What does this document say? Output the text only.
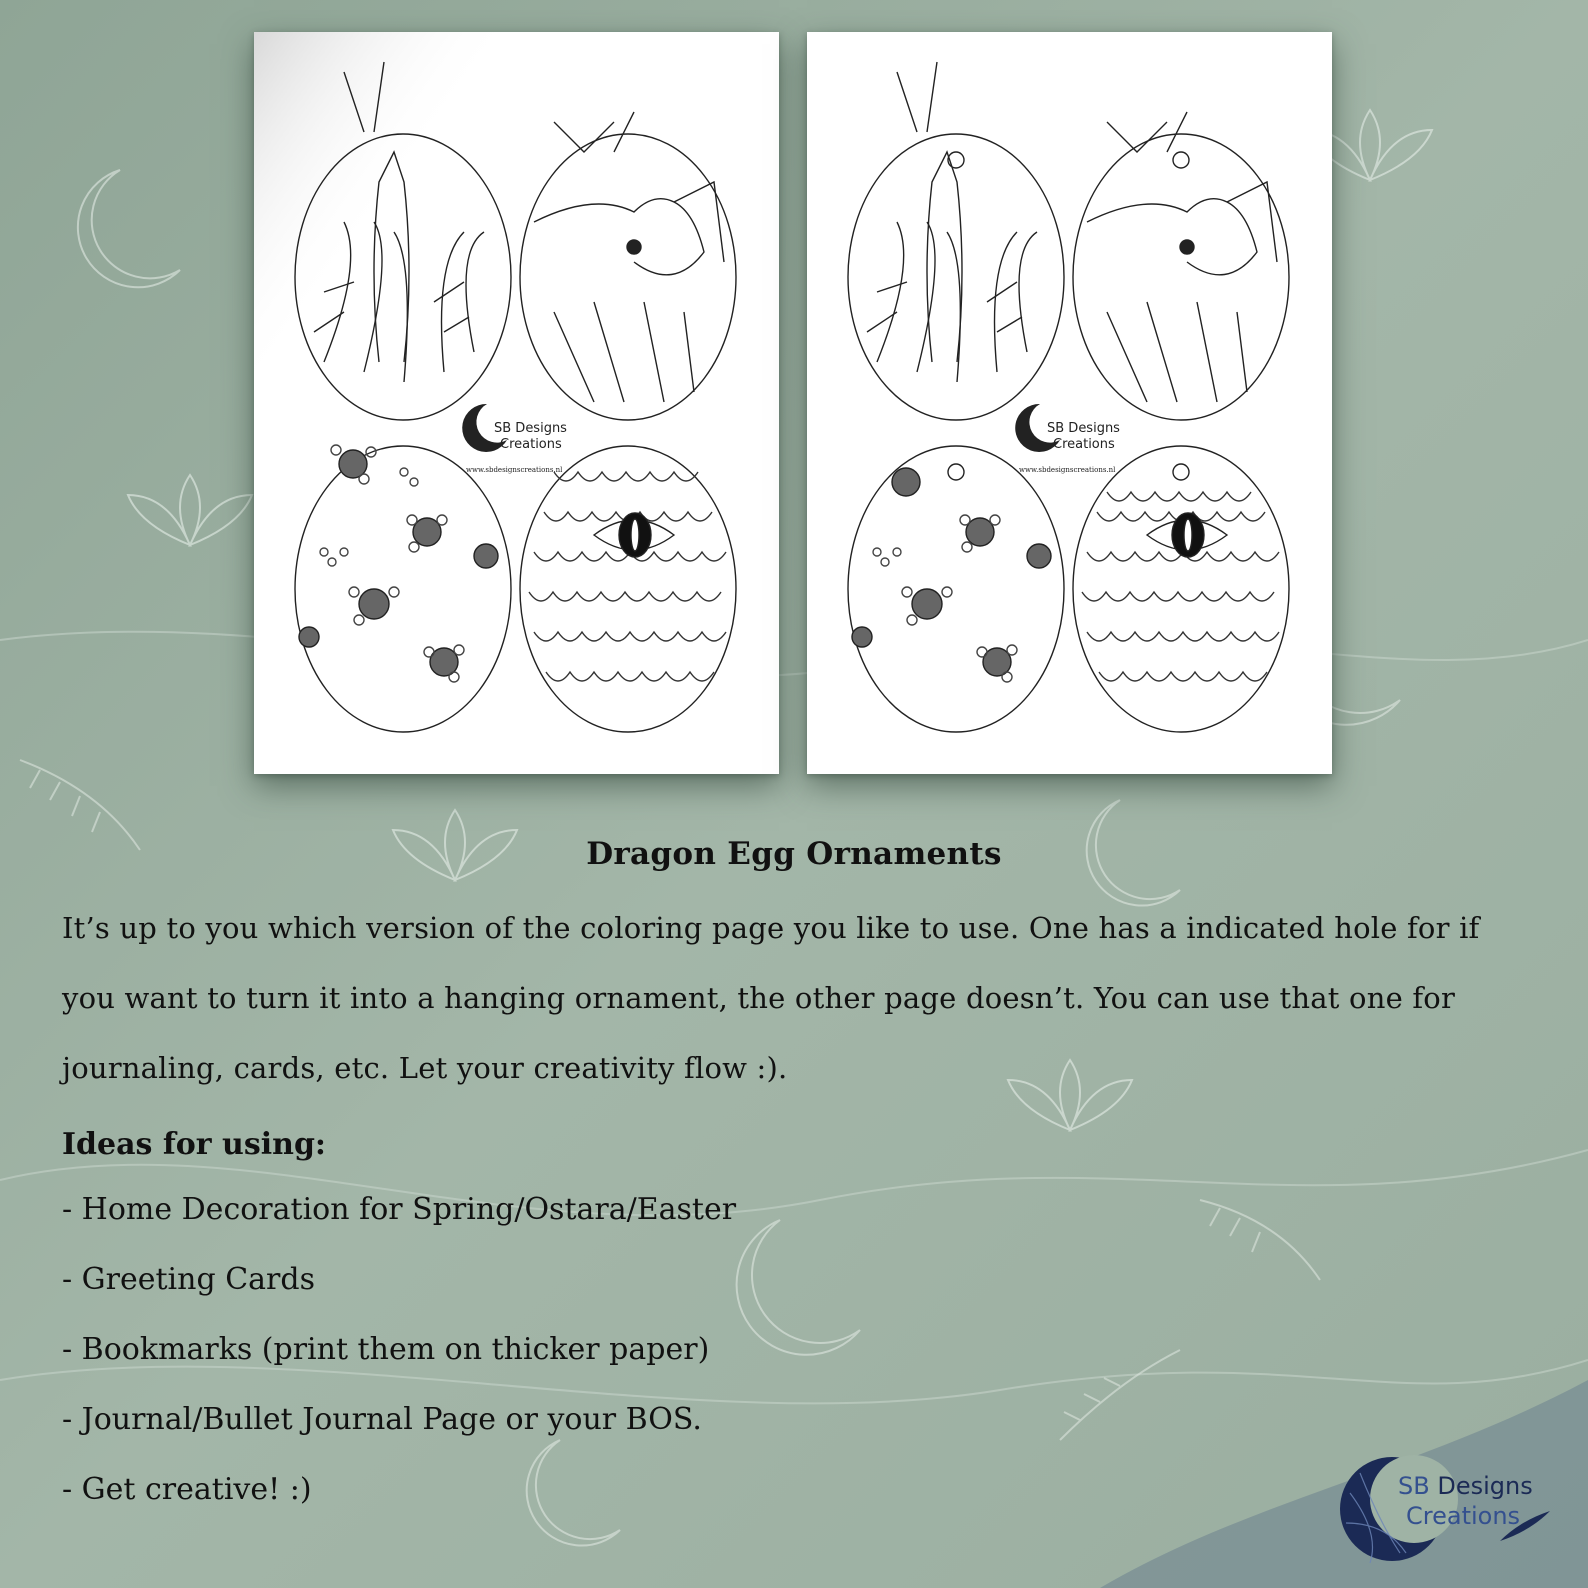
SB Designs
Creations
www.sbdesignscreations.nl
SB Designs
Creations
www.sbdesignscreations.nl
Dragon Egg Ornaments
It’s up to you which version of the coloring page you like to use. One has a indicated hole for if you want to turn it into a hanging ornament, the other page doesn’t. You can use that one for journaling, cards, etc. Let your creativity flow :).
Ideas for using:
- Home Decoration for Spring/Ostara/Easter
- Greeting Cards
- Bookmarks (print them on thicker paper)
- Journal/Bullet Journal Page or your BOS.
- Get creative! :)	SB Designs
Creations
